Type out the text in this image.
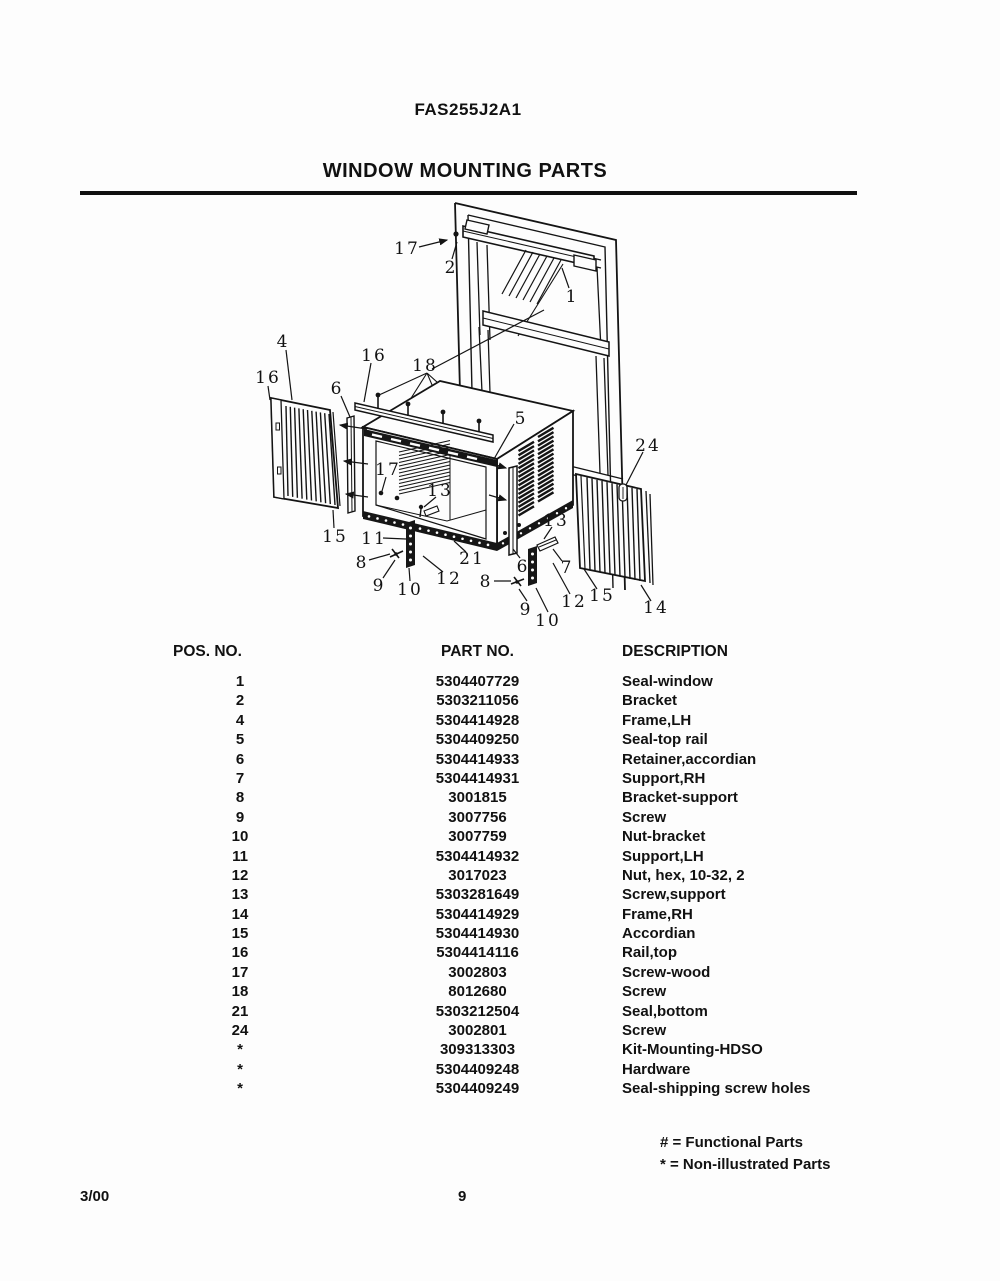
FAS255J2A1
WINDOW MOUNTING PARTS
17
2
1
4
16
16 18
6
5
24
17
13
15 11
21
8
9 10
12
6
13
7
8
9
10
12 15
14
POS. NO.	PART NO.	DESCRIPTION
1	5304407729	Seal-window
2	5303211056	Bracket
4	5304414928	Frame,LH
5	5304409250	Seal-top rail
6	5304414933	Retainer,accordian
7	5304414931	Support,RH
8	3001815	Bracket-support
9	3007756	Screw
10	3007759	Nut-bracket
11	5304414932	Support,LH
12	3017023	Nut, hex, 10-32, 2
13	5303281649	Screw,support
14	5304414929	Frame,RH
15	5304414930	Accordian
16	5304414116	Rail,top
17	3002803	Screw-wood
18	8012680	Screw
21	5303212504	Seal,bottom
24	3002801	Screw
*	309313303	Kit-Mounting-HDSO
*	5304409248	Hardware
*	5304409249	Seal-shipping screw holes
# = Functional Parts
* = Non-illustrated Parts
3/00	9
